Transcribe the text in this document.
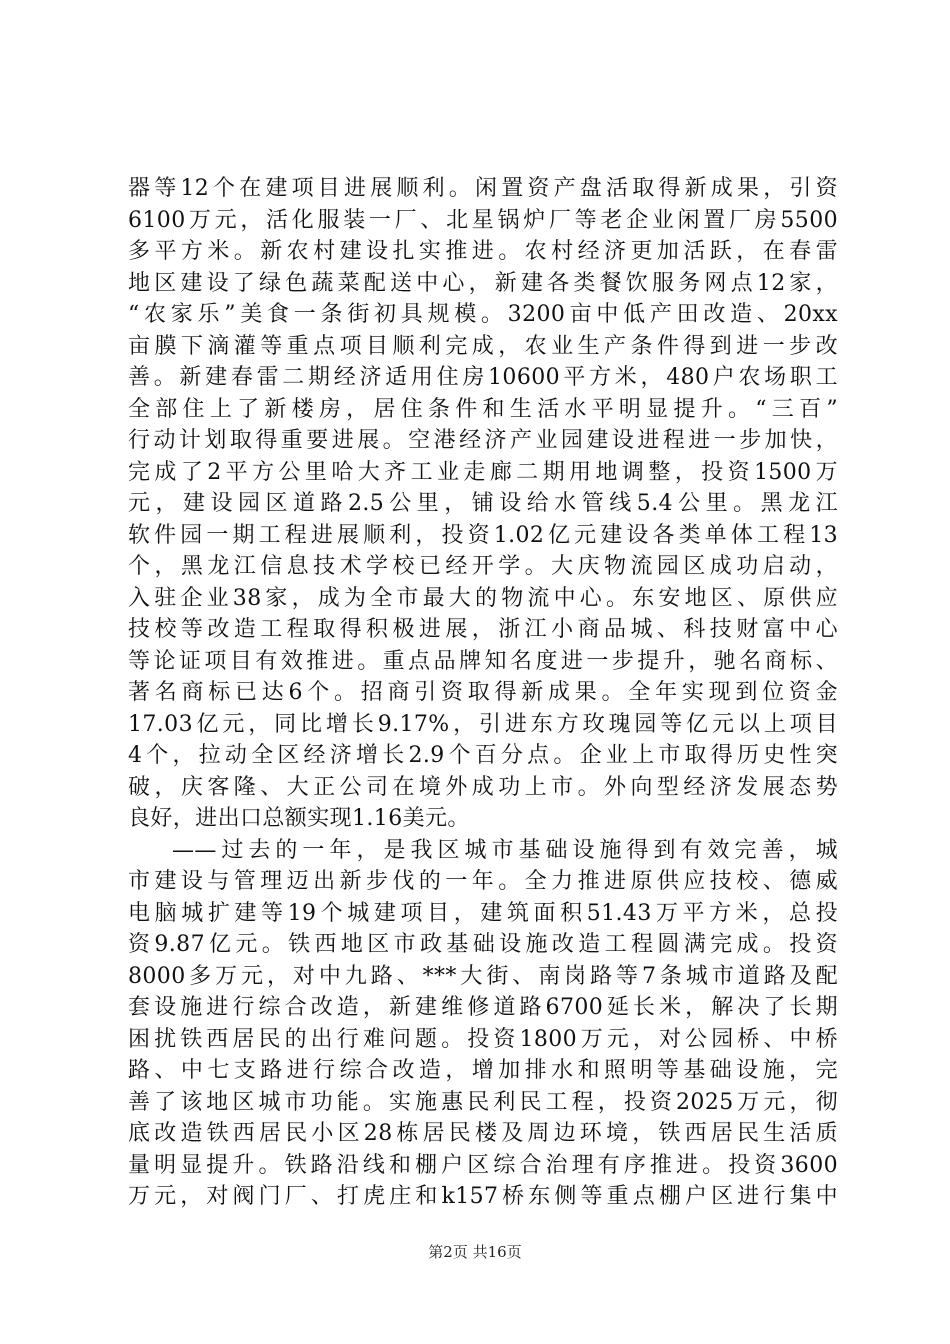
器等12个在建项目进展顺利。闲置资产盘活取得新成果，引资
6100万元，活化服装一厂、北星锅炉厂等老企业闲置厂房5500
多平方米。新农村建设扎实推进。农村经济更加活跃，在春雷
地区建设了绿色蔬菜配送中心，新建各类餐饮服务网点12家，
“农家乐”美食一条街初具规模。3200亩中低产田改造、20xx
亩膜下滴灌等重点项目顺利完成，农业生产条件得到进一步改
善。新建春雷二期经济适用住房10600平方米，480户农场职工
全部住上了新楼房，居住条件和生活水平明显提升。“三百”
行动计划取得重要进展。空港经济产业园建设进程进一步加快，
完成了2平方公里哈大齐工业走廊二期用地调整，投资1500万
元，建设园区道路2.5公里，铺设给水管线5.4公里。黑龙江
软件园一期工程进展顺利，投资1.02亿元建设各类单体工程13
个，黑龙江信息技术学校已经开学。大庆物流园区成功启动，
入驻企业38家，成为全市最大的物流中心。东安地区、原供应
技校等改造工程取得积极进展，浙江小商品城、科技财富中心
等论证项目有效推进。重点品牌知名度进一步提升，驰名商标、
著名商标已达6个。招商引资取得新成果。全年实现到位资金
17.03亿元，同比增长9.17%，引进东方玫瑰园等亿元以上项目
4个，拉动全区经济增长2.9个百分点。企业上市取得历史性突
破，庆客隆、大正公司在境外成功上市。外向型经济发展态势
良好，进出口总额实现1.16美元。
——过去的一年，是我区城市基础设施得到有效完善，城
市建设与管理迈出新步伐的一年。全力推进原供应技校、德威
电脑城扩建等19个城建项目，建筑面积51.43万平方米，总投
资9.87亿元。铁西地区市政基础设施改造工程圆满完成。投资
8000多万元，对中九路、***大街、南岗路等7条城市道路及配
套设施进行综合改造，新建维修道路6700延长米，解决了长期
困扰铁西居民的出行难问题。投资1800万元，对公园桥、中桥
路、中七支路进行综合改造，增加排水和照明等基础设施，完
善了该地区城市功能。实施惠民利民工程，投资2025万元，彻
底改造铁西居民小区28栋居民楼及周边环境，铁西居民生活质
量明显提升。铁路沿线和棚户区综合治理有序推进。投资3600
万元，对阀门厂、打虎庄和k157桥东侧等重点棚户区进行集中
第2页 共16页
